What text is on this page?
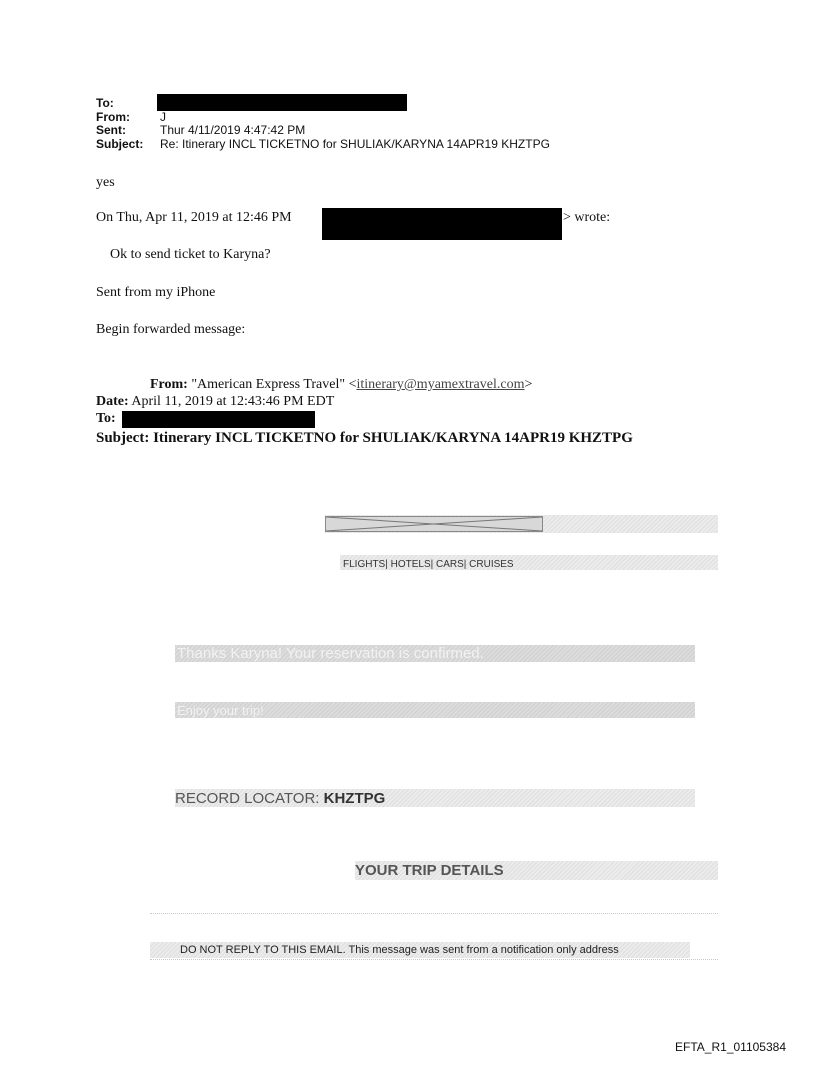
To:
From:	J
Sent:	Thur 4/11/2019 4:47:42 PM
Subject: Re: Itinerary INCL TICKETNO for SHULIAK/KARYNA 14APR19 KHZTPG
yes
On Thu, Apr 11, 2019 at 12:46 PM	> wrote:
Ok to send ticket to Karyna?
Sent from my iPhone
Begin forwarded message:
From: "American Express Travel" <itinerary@myamextravel.com>
Date: April 11, 2019 at 12:43:46 PM EDT
To:
Subject: Itinerary INCL TICKETNO for SHULIAK/KARYNA 14APR19 KHZTPG
FLIGHTS| HOTELS| CARS| CRUISES
Thanks Karyna! Your reservation is confirmed.
Enjoy your trip!
RECORD LOCATOR: KHZTPG
YOUR TRIP DETAILS
DO NOT REPLY TO THIS EMAIL. This message was sent from a notification only address
EFTA_R1_01105384
